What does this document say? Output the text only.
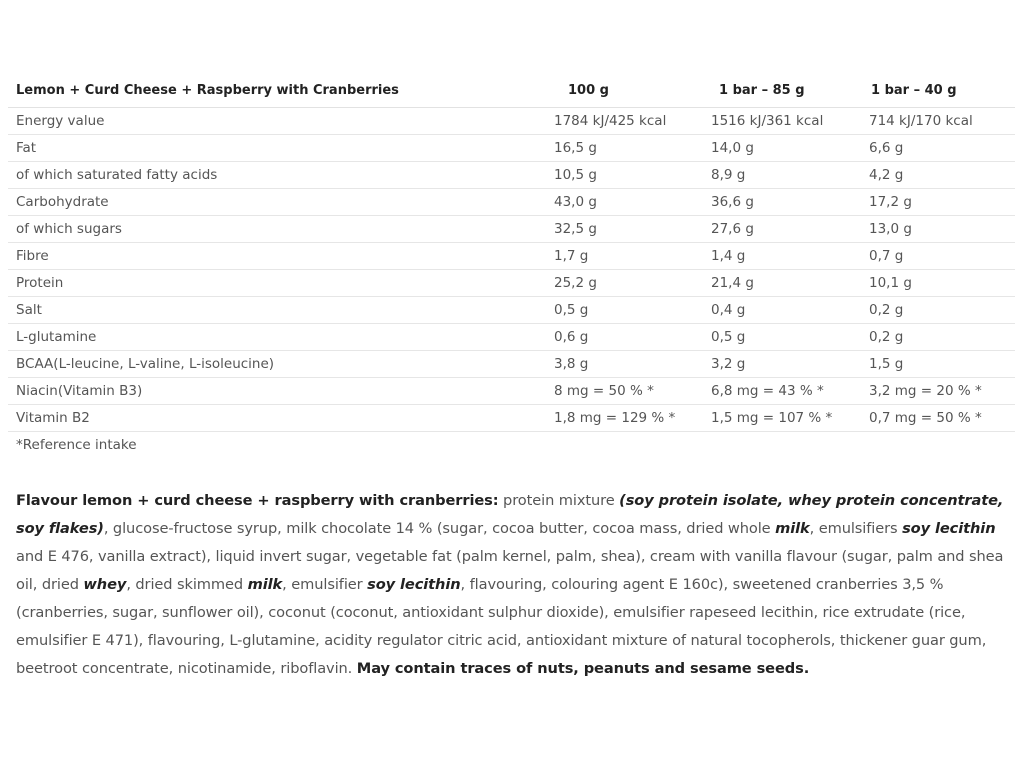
Lemon + Curd Cheese + Raspberry with Cranberries	100 g	1 bar – 85 g	1 bar – 40 g
Energy value	1784 kJ/425 kcal	1516 kJ/361 kcal	714 kJ/170 kcal
Fat	16,5 g	14,0 g	6,6 g
of which saturated fatty acids	10,5 g	8,9 g	4,2 g
Carbohydrate	43,0 g	36,6 g	17,2 g
of which sugars	32,5 g	27,6 g	13,0 g
Fibre	1,7 g	1,4 g	0,7 g
Protein	25,2 g	21,4 g	10,1 g
Salt	0,5 g	0,4 g	0,2 g
L-glutamine	0,6 g	0,5 g	0,2 g
BCAA(L-leucine, L-valine, L-isoleucine)	3,8 g	3,2 g	1,5 g
Niacin(Vitamin B3)	8 mg = 50 % *	6,8 mg = 43 % *	3,2 mg = 20 % *
Vitamin B2	1,8 mg = 129 % *	1,5 mg = 107 % *	0,7 mg = 50 % *
*Reference intake

Flavour lemon + curd cheese + raspberry with cranberries: protein mixture (soy protein isolate, whey protein concentrate, soy flakes), glucose-fructose syrup, milk chocolate 14 % (sugar, cocoa butter, cocoa mass, dried whole milk, emulsifiers soy lecithin and E 476, vanilla extract), liquid invert sugar, vegetable fat (palm kernel, palm, shea), cream with vanilla flavour (sugar, palm and shea oil, dried whey, dried skimmed milk, emulsifier soy lecithin, flavouring, colouring agent E 160c), sweetened cranberries 3,5 % (cranberries, sugar, sunflower oil), coconut (coconut, antioxidant sulphur dioxide), emulsifier rapeseed lecithin, rice extrudate (rice, emulsifier E 471), flavouring, L-glutamine, acidity regulator citric acid, antioxidant mixture of natural tocopherols, thickener guar gum, beetroot concentrate, nicotinamide, riboflavin. May contain traces of nuts, peanuts and sesame seeds.
